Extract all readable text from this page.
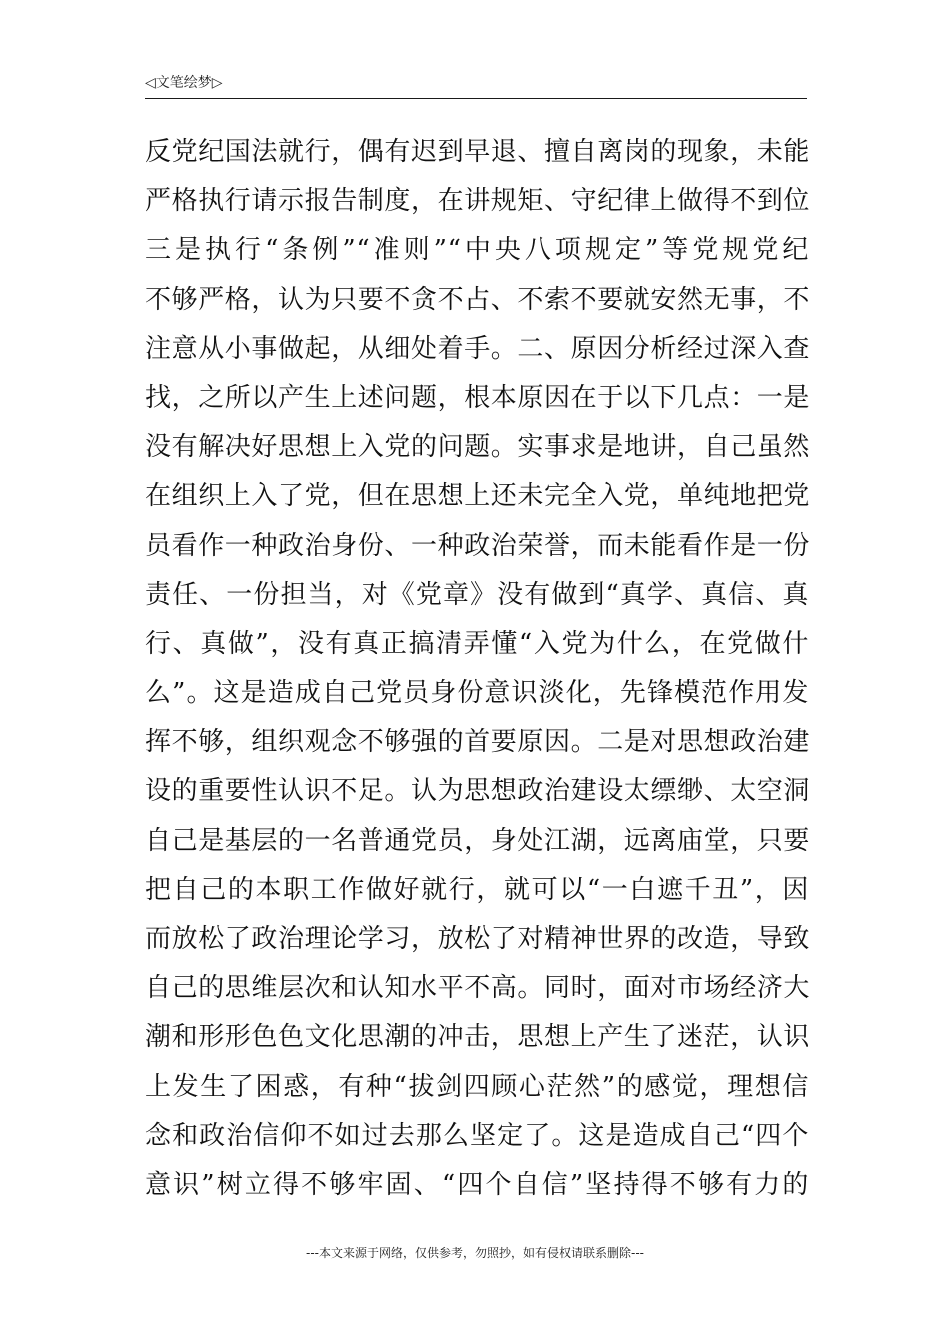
◁文笔绘梦▷
反党纪国法就行，偶有迟到早退、擅自离岗的现象，未能
严格执行请示报告制度，在讲规矩、守纪律上做得不到位
三是执行“条例”“准则”“中央八项规定”等党规党纪
不够严格，认为只要不贪不占、不索不要就安然无事，不
注意从小事做起，从细处着手。二、原因分析经过深入查
找，之所以产生上述问题，根本原因在于以下几点：一是
没有解决好思想上入党的问题。实事求是地讲，自己虽然
在组织上入了党，但在思想上还未完全入党，单纯地把党
员看作一种政治身份、一种政治荣誉，而未能看作是一份
责任、一份担当，对《党章》没有做到“真学、真信、真
行、真做”，没有真正搞清弄懂“入党为什么，在党做什
么”。这是造成自己党员身份意识淡化，先锋模范作用发
挥不够，组织观念不够强的首要原因。二是对思想政治建
设的重要性认识不足。认为思想政治建设太缥缈、太空洞
自己是基层的一名普通党员，身处江湖，远离庙堂，只要
把自己的本职工作做好就行，就可以“一白遮千丑”，因
而放松了政治理论学习，放松了对精神世界的改造，导致
自己的思维层次和认知水平不高。同时，面对市场经济大
潮和形形色色文化思潮的冲击，思想上产生了迷茫，认识
上发生了困惑，有种“拔剑四顾心茫然”的感觉，理想信
念和政治信仰不如过去那么坚定了。这是造成自己“四个
意识”树立得不够牢固、“四个自信”坚持得不够有力的
---本文来源于网络，仅供参考，勿照抄，如有侵权请联系删除---
